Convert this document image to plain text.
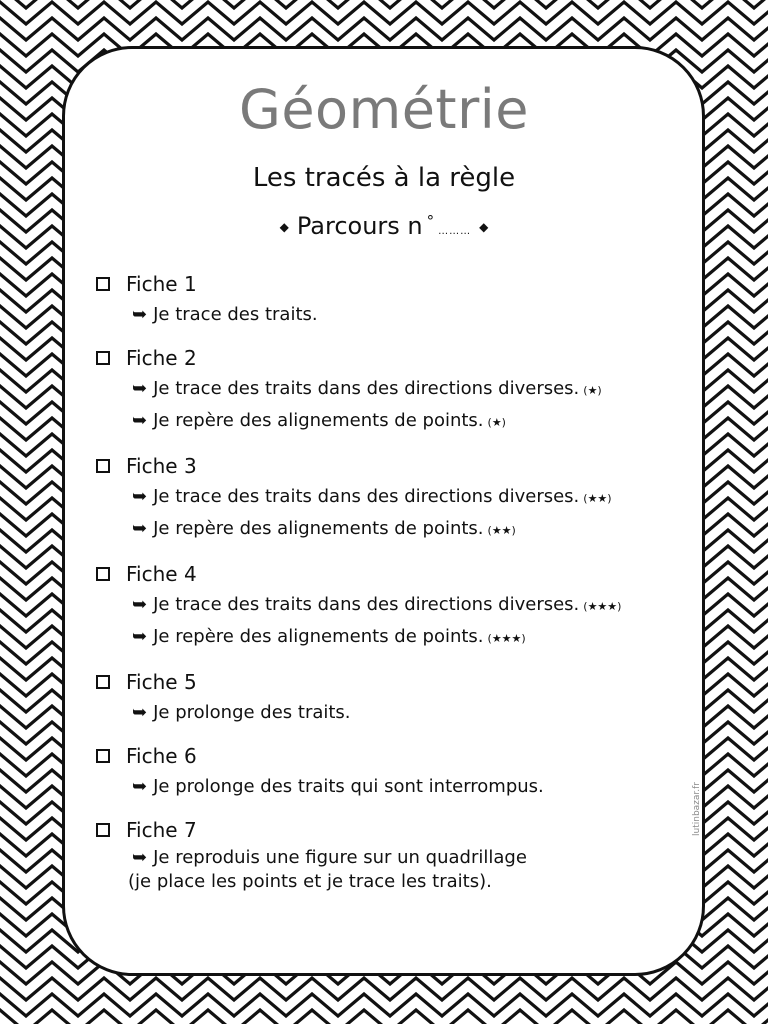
Géométrie
Les tracés à la règle
◆ Parcours n °……… ◆
Fiche 1
➥ Je trace des traits.
Fiche 2
➥ Je trace des traits dans des directions diverses. (★)
➥ Je repère des alignements de points. (★)
Fiche 3
➥ Je trace des traits dans des directions diverses. (★★)
➥ Je repère des alignements de points. (★★)
Fiche 4
➥ Je trace des traits dans des directions diverses. (★★★)
➥ Je repère des alignements de points. (★★★)
Fiche 5
➥ Je prolonge des traits.
Fiche 6
➥ Je prolonge des traits qui sont interrompus.
Fiche 7
➥ Je reproduis une figure sur un quadrillage
(je place les points et je trace les traits).
lutinbazar.fr
